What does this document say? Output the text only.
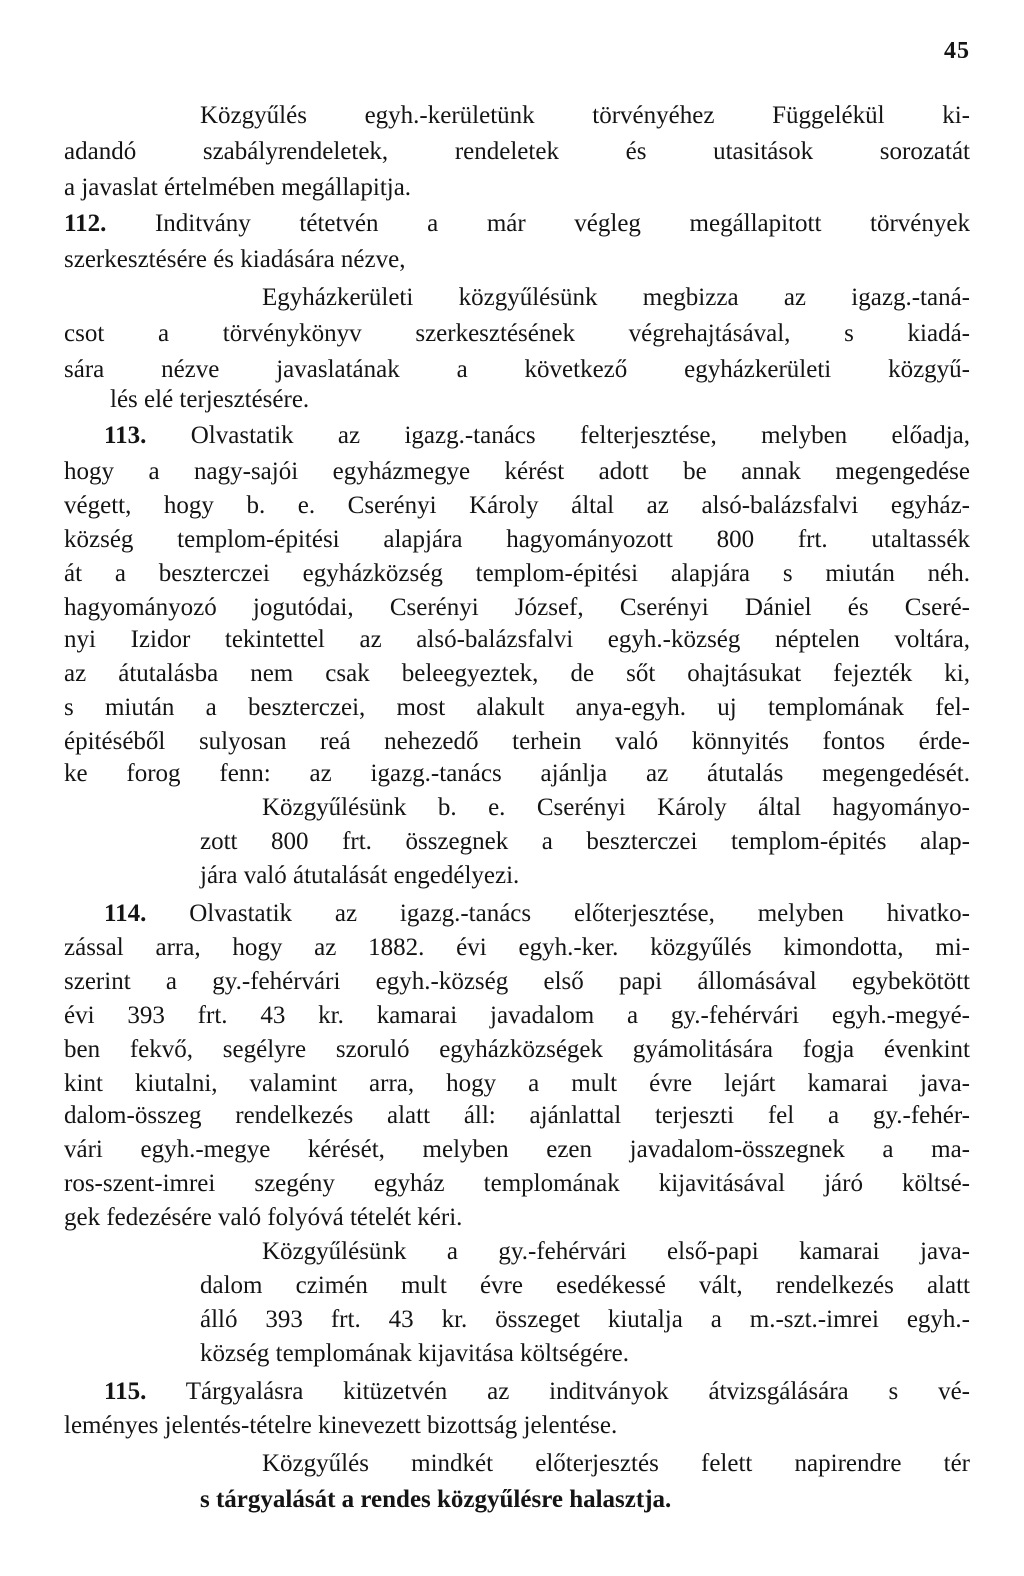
45
Közgyűlés egyh.-kerületünk törvényéhez Függelékül ki-
adandó szabályrendeletek, rendeletek és utasitások sorozatát
a javaslat értelmében megállapitja.
112. Inditvány tétetvén a már végleg megállapitott törvények
szerkesztésére és kiadására nézve,
Egyházkerületi közgyűlésünk megbizza az igazg.-taná-
csot a törvénykönyv szerkesztésének végrehajtásával, s kiadá-
sára nézve javaslatának a következő egyházkerületi közgyű-
lés elé terjesztésére.
113. Olvastatik az igazg.-tanács felterjesztése, melyben előadja,
hogy a nagy-sajói egyházmegye kérést adott be annak megengedése
végett, hogy b. e. Cserényi Károly által az alsó-balázsfalvi egyház-
község templom-épitési alapjára hagyományozott 800 frt. utaltassék
át a beszterczei egyházközség templom-épitési alapjára s miután néh.
hagyományozó jogutódai, Cserényi József, Cserényi Dániel és Cseré-
nyi Izidor tekintettel az alsó-balázsfalvi egyh.-község néptelen voltára,
az átutalásba nem csak beleegyeztek, de sőt ohajtásukat fejezték ki,
s miután a beszterczei, most alakult anya-egyh. uj templomának fel-
épitéséből sulyosan reá nehezedő terhein való könnyités fontos érde-
ke forog fenn: az igazg.-tanács ajánlja az átutalás megengedését.
Közgyűlésünk b. e. Cserényi Károly által hagyományo-
zott 800 frt. összegnek a beszterczei templom-épités alap-
jára való átutalását engedélyezi.
114. Olvastatik az igazg.-tanács előterjesztése, melyben hivatko-
zással arra, hogy az 1882. évi egyh.-ker. közgyűlés kimondotta, mi-
szerint a gy.-fehérvári egyh.-község első papi állomásával egybekötött
évi 393 frt. 43 kr. kamarai javadalom a gy.-fehérvári egyh.-megyé-
ben fekvő, segélyre szoruló egyházközségek gyámolitására fogja évenkint
kint kiutalni, valamint arra, hogy a mult évre lejárt kamarai java-
dalom-összeg rendelkezés alatt áll: ajánlattal terjeszti fel a gy.-fehér-
vári egyh.-megye kérését, melyben ezen javadalom-összegnek a ma-
ros-szent-imrei szegény egyház templomának kijavitásával járó költsé-
gek fedezésére való folyóvá tételét kéri.
Közgyűlésünk a gy.-fehérvári első-papi kamarai java-
dalom czimén mult évre esedékessé vált, rendelkezés alatt
álló 393 frt. 43 kr. összeget kiutalja a m.-szt.-imrei egyh.-
község templomának kijavitása költségére.
115. Tárgyalásra kitüzetvén az inditványok átvizsgálására s vé-
leményes jelentés-tételre kinevezett bizottság jelentése.
Közgyűlés mindkét előterjesztés felett napirendre tér
s tárgyalását a rendes közgyűlésre halasztja.
